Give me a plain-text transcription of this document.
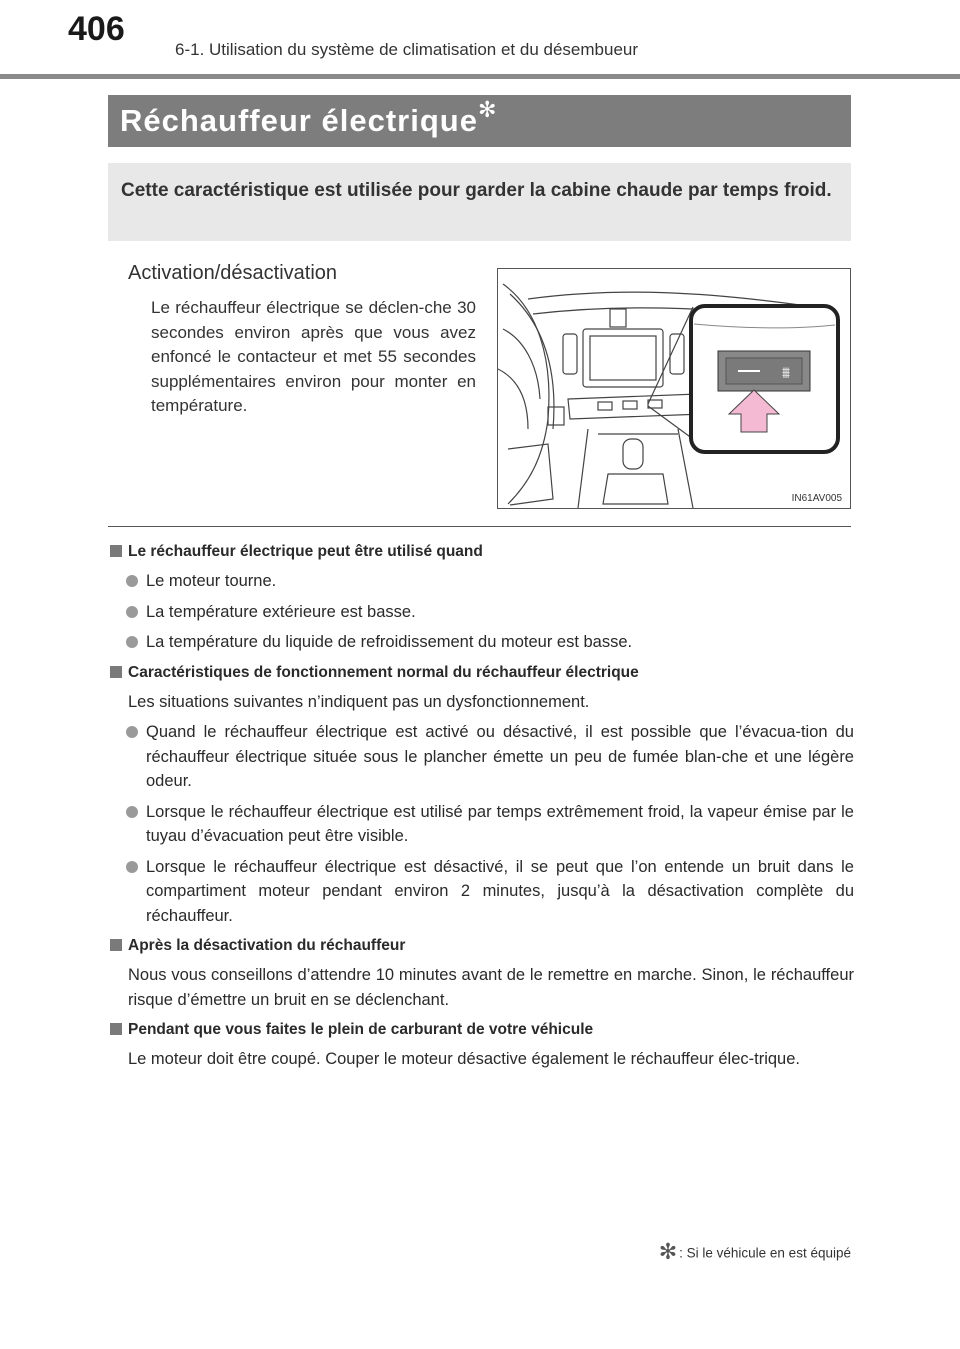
406
6-1. Utilisation du système de climatisation et du désembueur
Réchauffeur électrique✻
Cette caractéristique est utilisée pour garder la cabine chaude par temps froid.
Activation/désactivation
Le réchauffeur électrique se déclen-che 30 secondes environ après que vous avez enfoncé le contacteur et met 55 secondes supplémentaires environ pour monter en température.
⩩
IN61AV005
Le réchauffeur électrique peut être utilisé quand
Le moteur tourne.
La température extérieure est basse.
La température du liquide de refroidissement du moteur est basse.
Caractéristiques de fonctionnement normal du réchauffeur électrique
Les situations suivantes n’indiquent pas un dysfonctionnement.
Quand le réchauffeur électrique est activé ou désactivé, il est possible que l’évacua-tion du réchauffeur électrique située sous le plancher émette un peu de fumée blan-che et une légère odeur.
Lorsque le réchauffeur électrique est utilisé par temps extrêmement froid, la vapeur émise par le tuyau d’évacuation peut être visible.
Lorsque le réchauffeur électrique est désactivé, il se peut que l’on entende un bruit dans le compartiment moteur pendant environ 2 minutes, jusqu’à la désactivation complète du réchauffeur.
Après la désactivation du réchauffeur
Nous vous conseillons d’attendre 10 minutes avant de le remettre en marche. Sinon, le réchauffeur risque d’émettre un bruit en se déclenchant.
Pendant que vous faites le plein de carburant de votre véhicule
Le moteur doit être coupé. Couper le moteur désactive également le réchauffeur élec-trique.
✻ : Si le véhicule en est équipé
